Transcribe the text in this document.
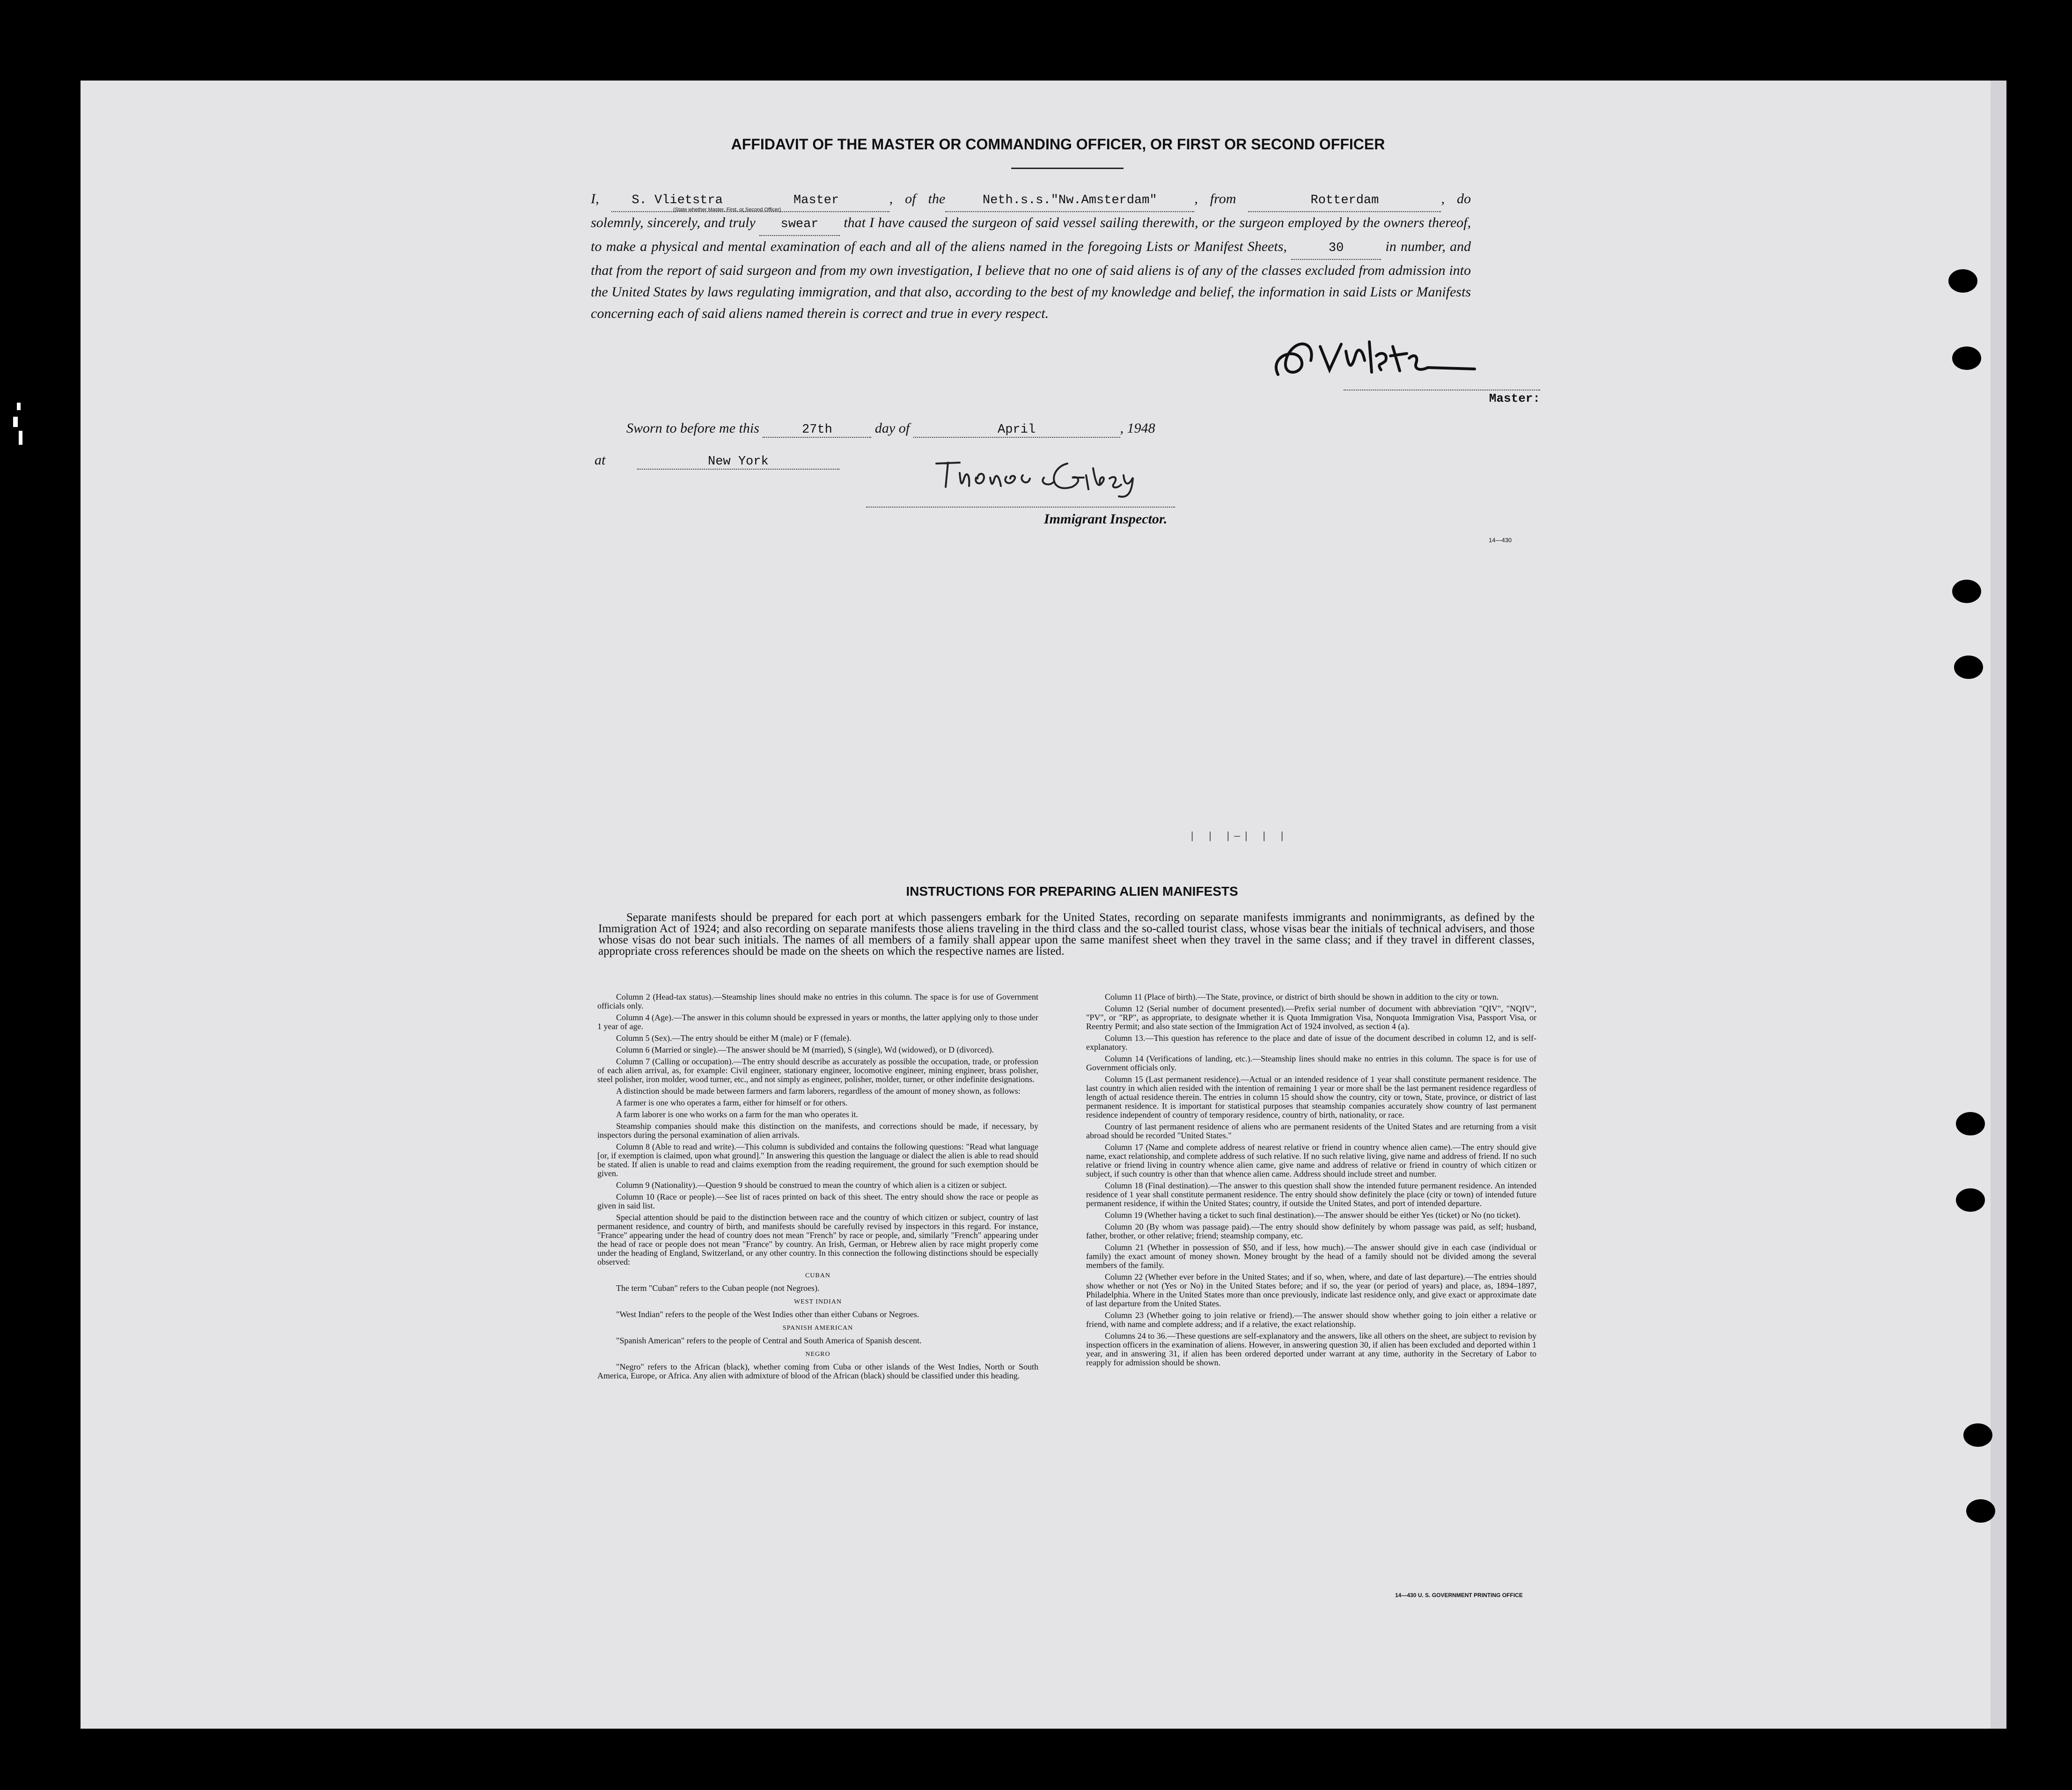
AFFIDAVIT OF THE MASTER OR COMMANDING OFFICER, OR FIRST OR SECOND OFFICER
I,	S. Vlietstra	Master	, of the	Neth.s.s."Nw.Amsterdam"	, from	Rotterdam	, do solemnly, sincerely, and truly swear that I have caused the surgeon of said vessel sailing therewith, or the surgeon employed by the owners thereof, to make a physical and mental examination of each and all of the aliens named in the foregoing Lists or Manifest Sheets,	30	in number, and that from the report of said surgeon and from my own investigation, I believe that no one of said aliens is of any of the classes excluded from admission into the United States by laws regulating immigration, and that also, according to the best of my knowledge and belief, the information in said Lists or Manifests concerning each of said aliens named therein is correct and true in every respect.
(State whether Master, First, or Second Officer)
Master:
Sworn to before me this	27th	day of	April	, 1948
at	New York
Immigrant Inspector.
14—430
| | |—| | |
INSTRUCTIONS FOR PREPARING ALIEN MANIFESTS

Separate manifests should be prepared for each port at which passengers embark for the United States, recording on separate manifests immigrants and nonimmigrants, as defined by the Immigration Act of 1924; and also recording on separate manifests those aliens traveling in the third class and the so-called tourist class, whose visas bear the initials of technical advisers, and those whose visas do not bear such initials. The names of all members of a family shall appear upon the same manifest sheet when they travel in the same class; and if they travel in different classes, appropriate cross references should be made on the sheets on which the respective names are listed.

Column 2 (Head-tax status).—Steamship lines should make no entries in this column. The space is for use of Government officials only.

Column 4 (Age).—The answer in this column should be expressed in years or months, the latter applying only to those under 1 year of age.

Column 5 (Sex).—The entry should be either M (male) or F (female).

Column 6 (Married or single).—The answer should be M (married), S (single), Wd (widowed), or D (divorced).

Column 7 (Calling or occupation).—The entry should describe as accurately as possible the occupation, trade, or profession of each alien arrival, as, for example: Civil engineer, stationary engineer, locomotive engineer, mining engineer, brass polisher, steel polisher, iron molder, wood turner, etc., and not simply as engineer, polisher, molder, turner, or other indefinite designations.

A distinction should be made between farmers and farm laborers, regardless of the amount of money shown, as follows:

A farmer is one who operates a farm, either for himself or for others.

A farm laborer is one who works on a farm for the man who operates it.

Steamship companies should make this distinction on the manifests, and corrections should be made, if necessary, by inspectors during the personal examination of alien arrivals.

Column 8 (Able to read and write).—This column is subdivided and contains the following questions: "Read what language [or, if exemption is claimed, upon what ground]." In answering this question the language or dialect the alien is able to read should be stated. If alien is unable to read and claims exemption from the reading requirement, the ground for such exemption should be given.

Column 9 (Nationality).—Question 9 should be construed to mean the country of which alien is a citizen or subject.

Column 10 (Race or people).—See list of races printed on back of this sheet. The entry should show the race or people as given in said list.

Special attention should be paid to the distinction between race and the country of which citizen or subject, country of last permanent residence, and country of birth, and manifests should be carefully revised by inspectors in this regard. For instance, "France" appearing under the head of country does not mean "French" by race or people, and, similarly "French" appearing under the head of race or people does not mean "France" by country. An Irish, German, or Hebrew alien by race might properly come under the heading of England, Switzerland, or any other country. In this connection the following distinctions should be especially observed:

CUBAN

The term "Cuban" refers to the Cuban people (not Negroes).

WEST INDIAN

"West Indian" refers to the people of the West Indies other than either Cubans or Negroes.

SPANISH AMERICAN

"Spanish American" refers to the people of Central and South America of Spanish descent.

NEGRO

"Negro" refers to the African (black), whether coming from Cuba or other islands of the West Indies, North or South America, Europe, or Africa. Any alien with admixture of blood of the African (black) should be classified under this heading.

Column 11 (Place of birth).—The State, province, or district of birth should be shown in addition to the city or town.

Column 12 (Serial number of document presented).—Prefix serial number of document with abbreviation "QIV", "NQIV", "PV", or "RP", as appropriate, to designate whether it is Quota Immigration Visa, Nonquota Immigration Visa, Passport Visa, or Reentry Permit; and also state section of the Immigration Act of 1924 involved, as section 4 (a).

Column 13.—This question has reference to the place and date of issue of the document described in column 12, and is self-explanatory.

Column 14 (Verifications of landing, etc.).—Steamship lines should make no entries in this column. The space is for use of Government officials only.

Column 15 (Last permanent residence).—Actual or an intended residence of 1 year shall constitute permanent residence. The last country in which alien resided with the intention of remaining 1 year or more shall be the last permanent residence regardless of length of actual residence therein. The entries in column 15 should show the country, city or town, State, province, or district of last permanent residence. It is important for statistical purposes that steamship companies accurately show country of last permanent residence independent of country of temporary residence, country of birth, nationality, or race.

Country of last permanent residence of aliens who are permanent residents of the United States and are returning from a visit abroad should be recorded "United States."

Column 17 (Name and complete address of nearest relative or friend in country whence alien came).—The entry should give name, exact relationship, and complete address of such relative. If no such relative living, give name and address of friend. If no such relative or friend living in country whence alien came, give name and address of relative or friend in country of which citizen or subject, if such country is other than that whence alien came. Address should include street and number.

Column 18 (Final destination).—The answer to this question shall show the intended future permanent residence. An intended residence of 1 year shall constitute permanent residence. The entry should show definitely the place (city or town) of intended future permanent residence, if within the United States; country, if outside the United States, and port of intended departure.

Column 19 (Whether having a ticket to such final destination).—The answer should be either Yes (ticket) or No (no ticket).

Column 20 (By whom was passage paid).—The entry should show definitely by whom passage was paid, as self; husband, father, brother, or other relative; friend; steamship company, etc.

Column 21 (Whether in possession of $50, and if less, how much).—The answer should give in each case (individual or family) the exact amount of money shown. Money brought by the head of a family should not be divided among the several members of the family.

Column 22 (Whether ever before in the United States; and if so, when, where, and date of last departure).—The entries should show whether or not (Yes or No) in the United States before; and if so, the year (or period of years) and place, as, 1894–1897, Philadelphia. Where in the United States more than once previously, indicate last residence only, and give exact or approximate date of last departure from the United States.

Column 23 (Whether going to join relative or friend).—The answer should show whether going to join either a relative or friend, with name and complete address; and if a relative, the exact relationship.

Columns 24 to 36.—These questions are self-explanatory and the answers, like all others on the sheet, are subject to revision by inspection officers in the examination of aliens. However, in answering question 30, if alien has been excluded and deported within 1 year, and in answering 31, if alien has been ordered deported under warrant at any time, authority in the Secretary of Labor to reapply for admission should be shown.

14—430 U. S. GOVERNMENT PRINTING OFFICE
